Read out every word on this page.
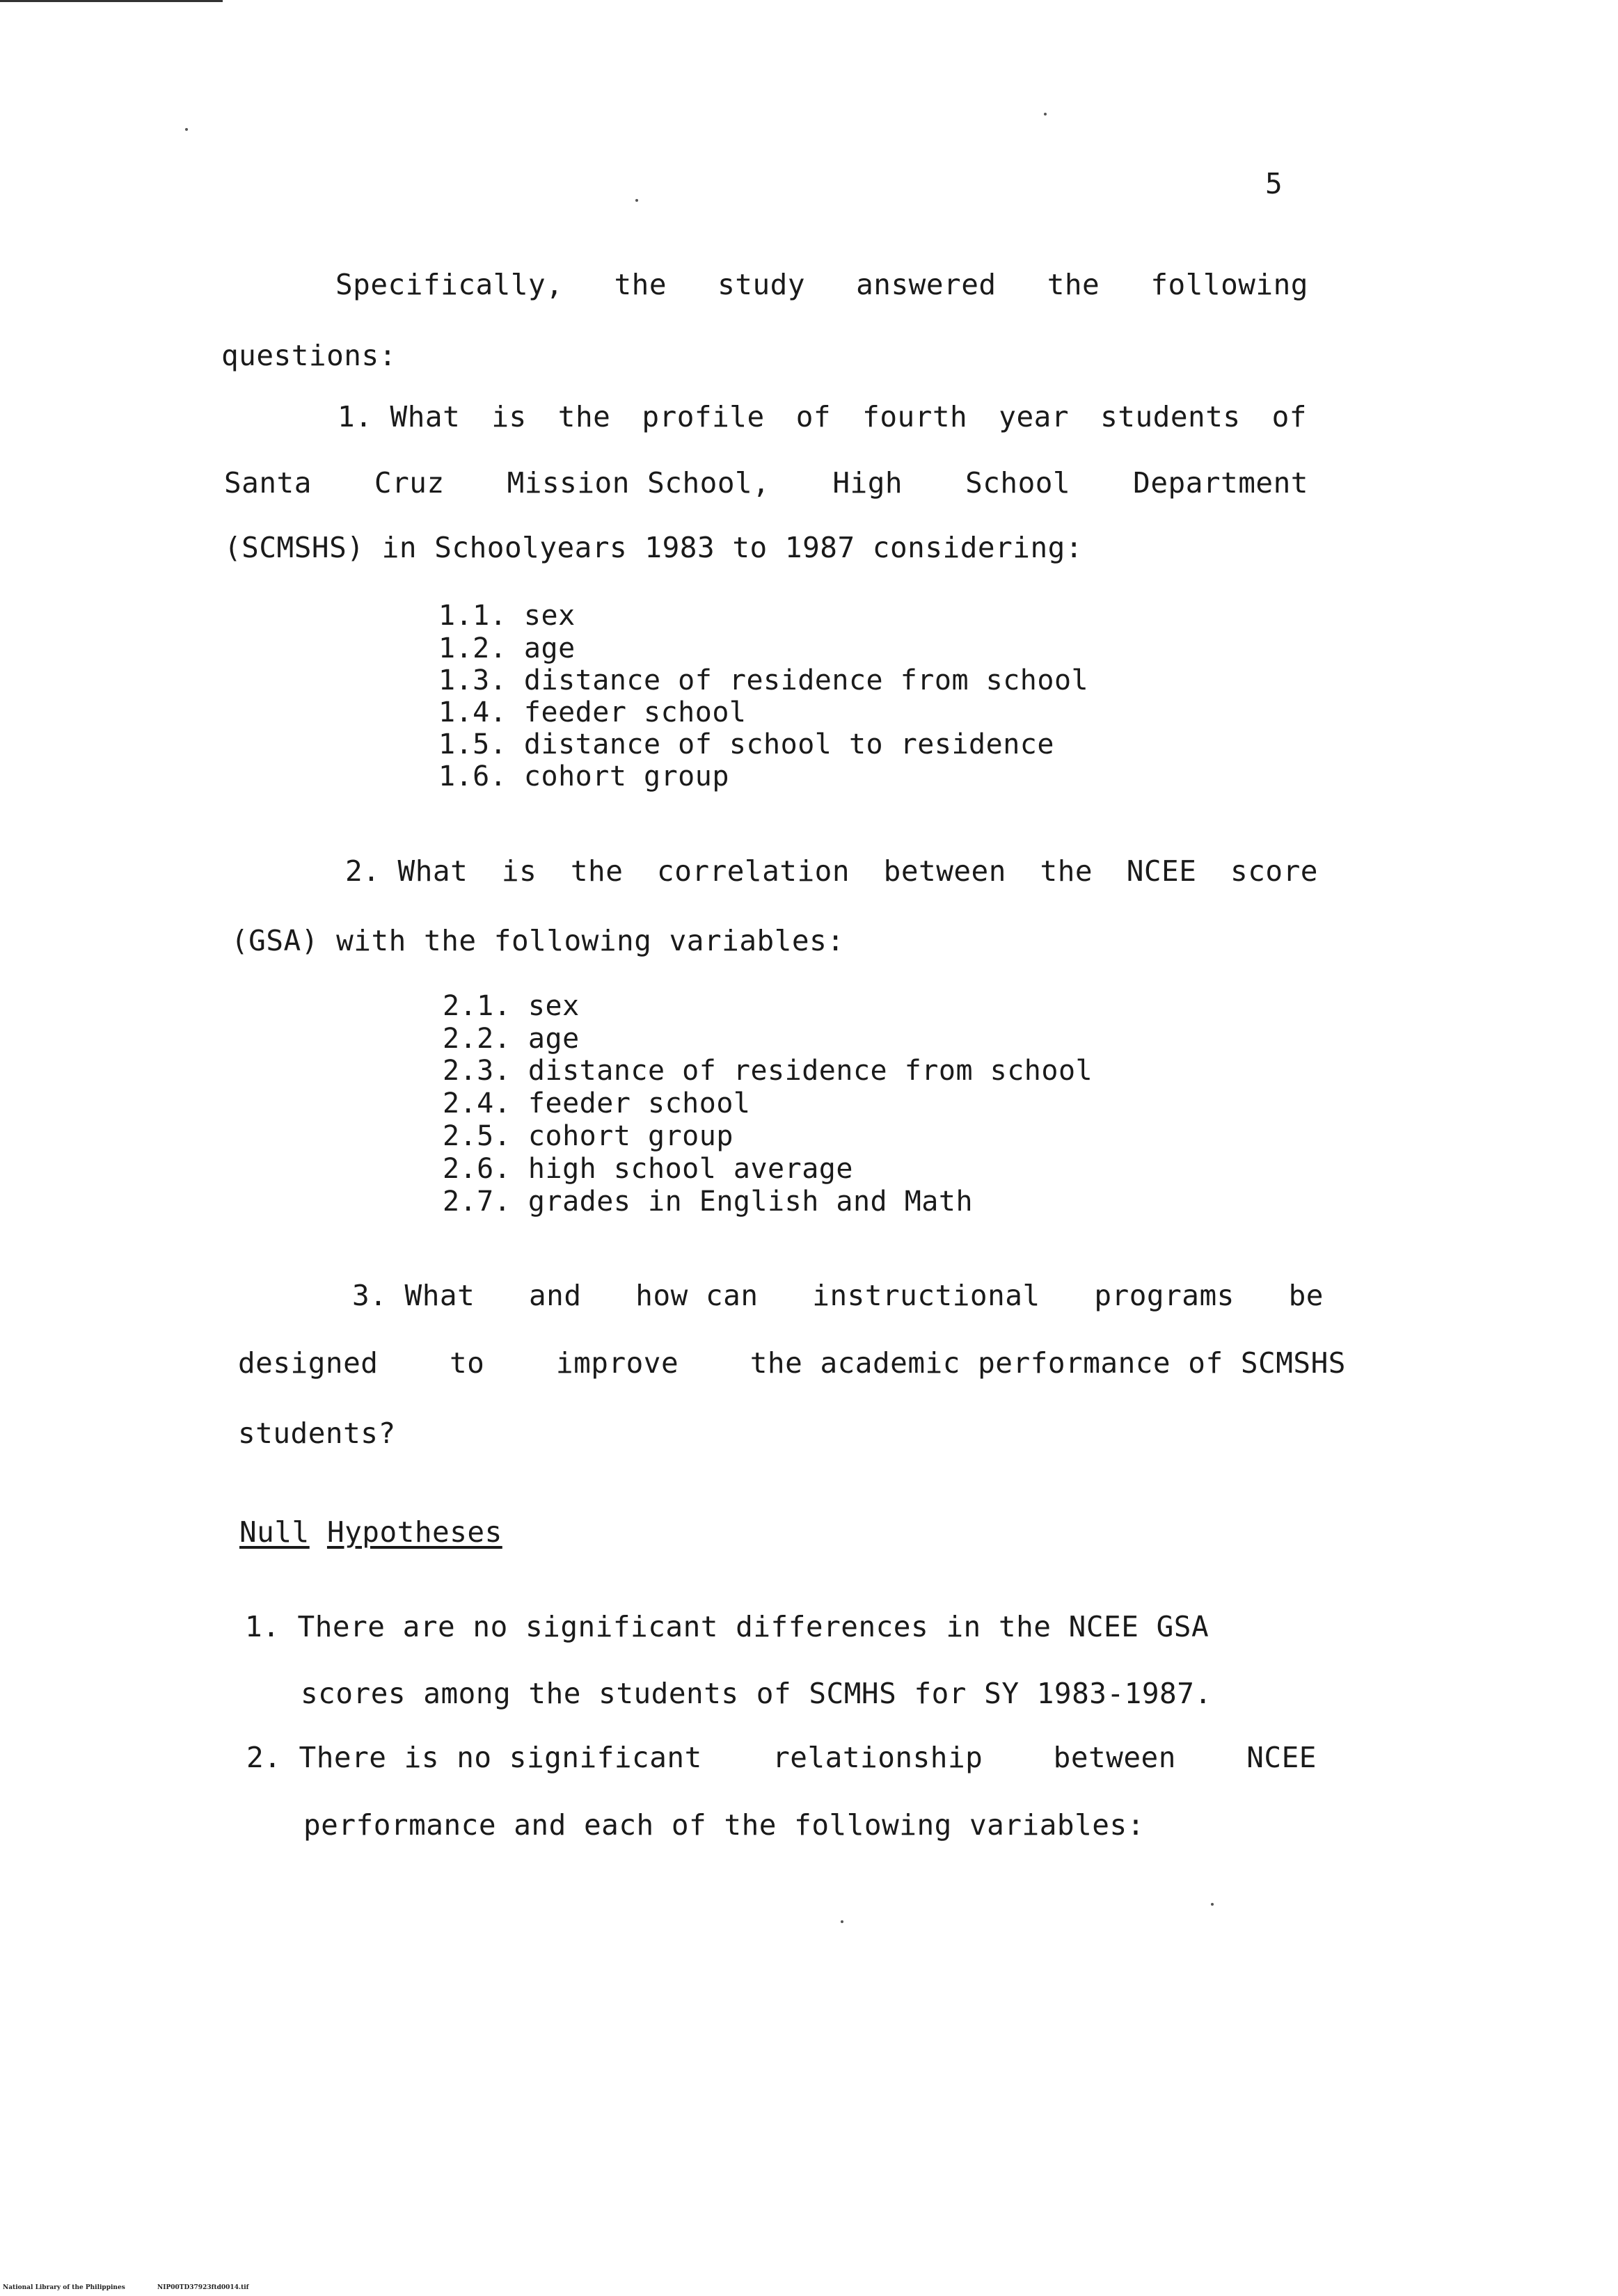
5
Specifically, the study answered the following
questions:
1. What is the profile of fourth year students of
Santa Cruz Mission School, High School Department
(SCMSHS) in Schoolyears 1983 to 1987 considering:
1.1. sex
1.2. age
1.3. distance of residence from school
1.4. feeder school
1.5. distance of school to residence
1.6. cohort group
2. What is the correlation between the NCEE score
(GSA) with the following variables:
2.1. sex
2.2. age
2.3. distance of residence from school
2.4. feeder school
2.5. cohort group
2.6. high school average
2.7. grades in English and Math
3. What and how can instructional programs be
designed	to	improve	the academic performance of SCMSHS
students?
Null Hypotheses
1. There are no significant differences in the NCEE GSA
scores among the students of SCMHS for SY 1983-1987.
2. There is no significant relationship between NCEE
performance and each of the following variables:
National Library of the Philippines	NIP00TD37923ftd0014.tif
